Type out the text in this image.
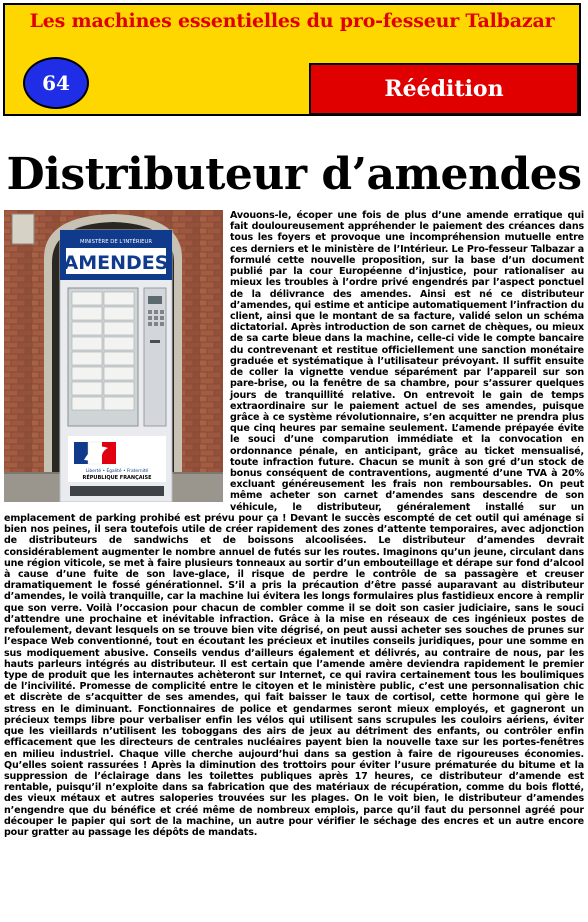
Les machines essentielles du pro-fesseur Talbazar
64	Réédition
Distributeur d’amendes
MINISTÈRE DE L'INTÉRIEUR
AMENDES
Liberté • Égalité • Fraternité
RÉPUBLIQUE FRANÇAISE

Avouons-le, écoper une fois de plus d’une amende erratique qui fait douloureusement appréhender le paiement des créances dans tous les foyers et provoque une incompréhension mutuelle entre ces derniers et le ministère de l’Intérieur. Le Pro-fesseur Talbazar a formulé cette nouvelle proposition, sur la base d’un document publié par la cour Européenne d’injustice, pour rationaliser au mieux les troubles à l’ordre privé engendrés par l’aspect ponctuel de la délivrance des amendes. Ainsi est né ce distributeur d’amendes, qui estime et anticipe automatiquement l’infraction du client, ainsi que le montant de sa facture, validé selon un schéma dictatorial. Après introduction de son carnet de chèques, ou mieux de sa carte bleue dans la machine, celle-ci vide le compte bancaire du contrevenant et restitue officiellement une sanction monétaire graduée et systématique à l’utilisateur prévoyant. Il suffit ensuite de coller la vignette vendue séparément par l’appareil sur son pare-brise, ou la fenêtre de sa chambre, pour s’assurer quelques jours de tranquillité relative. On entrevoit le gain de temps extraordinaire sur le paiement actuel de ses amendes, puisque grâce à ce système révolutionnaire, s’en acquitter ne prendra plus que cinq heures par semaine seulement. L’amende prépayée évite le souci d’une comparution immédiate et la convocation en ordonnance pénale, en anticipant, grâce au ticket mensualisé, toute infraction future. Chacun se munit à son gré d’un stock de bonus conséquent de contraventions, augmenté d’une TVA à 20% excluant généreusement les frais non remboursables. On peut même acheter son carnet d’amendes sans descendre de son véhicule, le distributeur, généralement installé sur un emplacement de parking prohibé est prévu pour ça ! Devant le succès escompté de cet outil qui aménage si bien nos peines, il sera toutefois utile de créer rapidement des zones d’attente temporaires, avec adjonction de distributeurs de sandwichs et de boissons alcoolisées. Le distributeur d’amendes devrait considérablement augmenter le nombre annuel de futés sur les routes. Imaginons qu’un jeune, circulant dans une région viticole, se met à faire plusieurs tonneaux au sortir d’un embouteillage et dérape sur fond d’alcool à cause d’une fuite de son lave-glace, il risque de perdre le contrôle de sa passagère et creuser dramatiquement le fossé générationnel. S’il a pris la précaution d’être passé auparavant au distributeur d’amendes, le voilà tranquille, car la machine lui évitera les longs formulaires plus fastidieux encore à remplir que son verre. Voilà l’occasion pour chacun de combler comme il se doit son casier judiciaire, sans le souci d’attendre une prochaine et inévitable infraction. Grâce à la mise en réseaux de ces ingénieux postes de refoulement, devant lesquels on se trouve bien vite dégrisé, on peut aussi acheter ses souches de prunes sur l’espace Web conventionné, tout en écoutant les précieux et inutiles conseils juridiques, pour une somme en sus modiquement abusive. Conseils vendus d’ailleurs également et délivrés, au contraire de nous, par les hauts parleurs intégrés au distributeur. Il est certain que l’amende amère deviendra rapidement le premier type de produit que les internautes achèteront sur Internet, ce qui ravira certainement tous les boulimiques de l’incivilité. Promesse de complicité entre le citoyen et le ministère public, c’est une personnalisation chic et discrète de s’acquitter de ses amendes, qui fait baisser le taux de cortisol, cette hormone qui gère le stress en le diminuant. Fonctionnaires de police et gendarmes seront mieux employés, et gagneront un précieux temps libre pour verbaliser enfin les vélos qui utilisent sans scrupules les couloirs aériens, éviter que les vieillards n’utilisent les toboggans des airs de jeux au détriment des enfants, ou contrôler enfin efficacement que les directeurs de centrales nucléaires payent bien la nouvelle taxe sur les portes-fenêtres en milieu industriel. Chaque ville cherche aujourd’hui dans sa gestion à faire de rigoureuses économies. Qu’elles soient rassurées ! Après la diminution des trottoirs pour éviter l’usure prématurée du bitume et la suppression de l’éclairage dans les toilettes publiques après 17 heures, ce distributeur d’amende est rentable, puisqu’il n’exploite dans sa fabrication que des matériaux de récupération, comme du bois flotté, des vieux métaux et autres saloperies trouvées sur les plages. On le voit bien, le distributeur d’amendes n’engendre que du bénéfice et créé même de nombreux emplois, parce qu’il faut du personnel agréé pour découper le papier qui sort de la machine, un autre pour vérifier le séchage des encres et un autre encore pour gratter au passage les dépôts de mandats.
